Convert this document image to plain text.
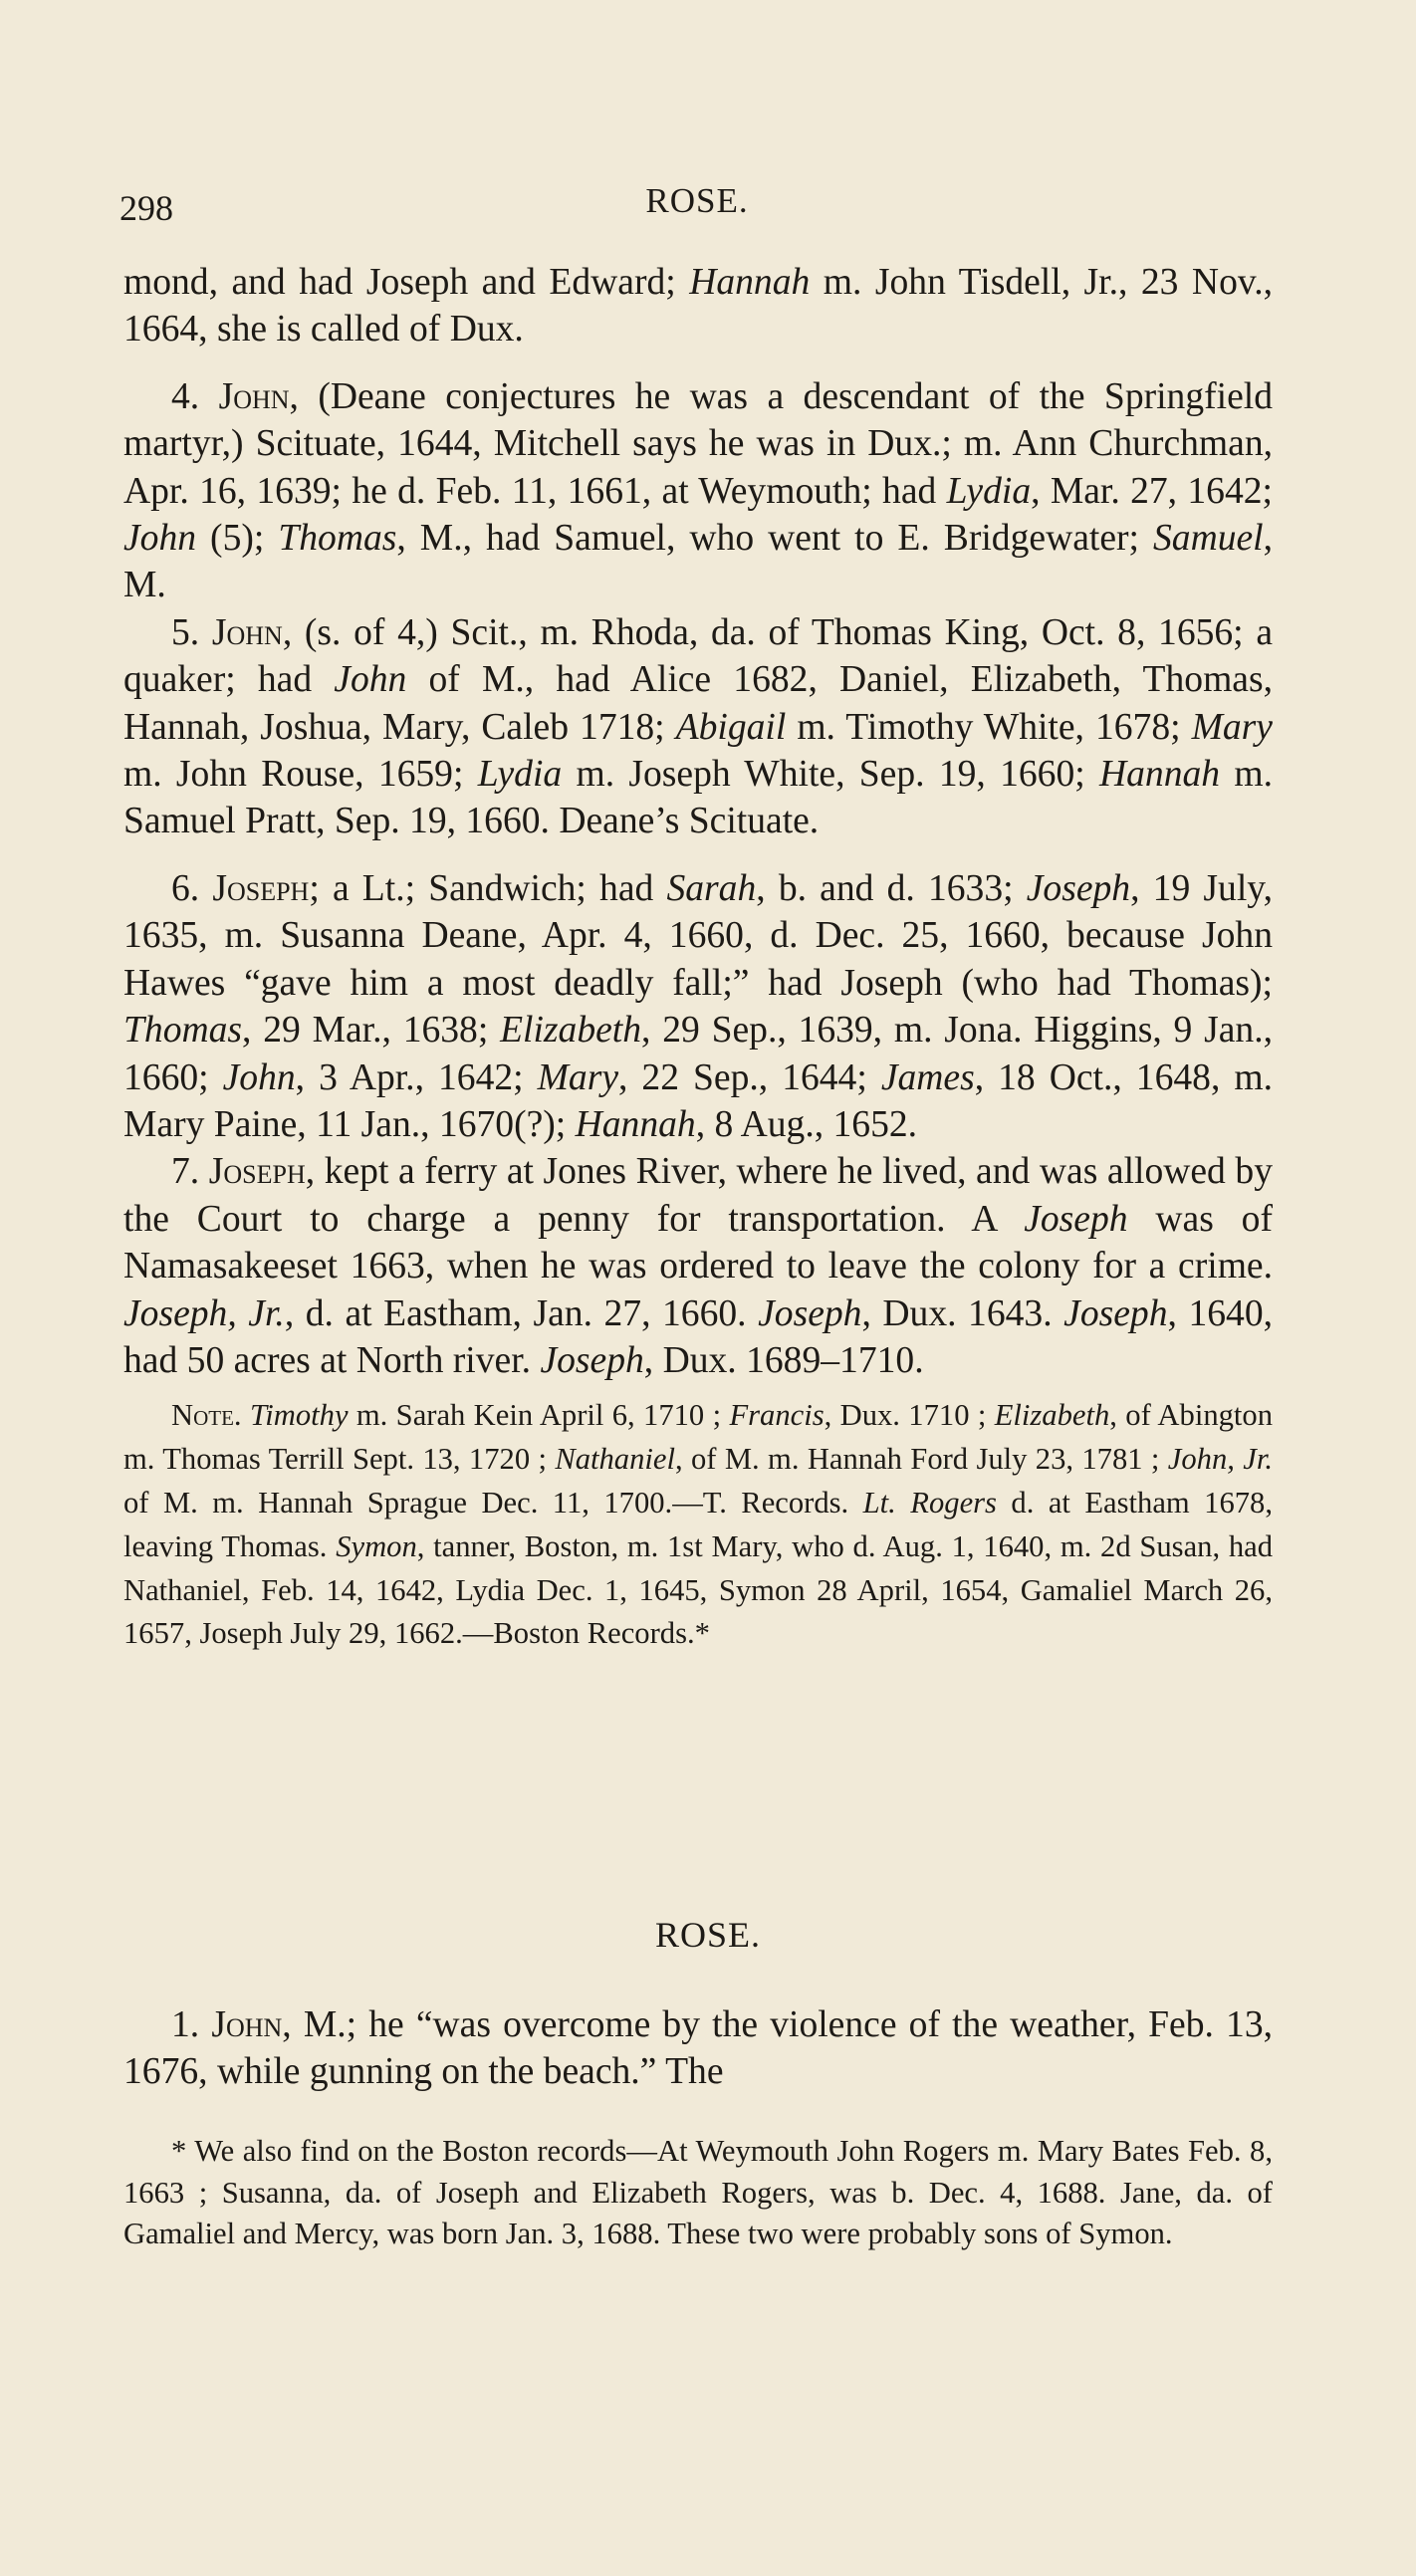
298	ROSE.

mond, and had Joseph and Edward; Hannah m. John Tisdell, Jr., 23 Nov., 1664, she is called of Dux.

4. John, (Deane conjectures he was a descendant of the Springfield martyr,) Scituate, 1644, Mitchell says he was in Dux.; m. Ann Churchman, Apr. 16, 1639; he d. Feb. 11, 1661, at Weymouth; had Lydia, Mar. 27, 1642; John (5); Thomas, M., had Samuel, who went to E. Bridgewater; Samuel, M.

5. John, (s. of 4,) Scit., m. Rhoda, da. of Thomas King, Oct. 8, 1656; a quaker; had John of M., had Alice 1682, Daniel, Elizabeth, Thomas, Hannah, Joshua, Mary, Caleb 1718; Abigail m. Timothy White, 1678; Mary m. John Rouse, 1659; Lydia m. Joseph White, Sep. 19, 1660; Hannah m. Samuel Pratt, Sep. 19, 1660. Deane’s Scituate.

6. Joseph; a Lt.; Sandwich; had Sarah, b. and d. 1633; Joseph, 19 July, 1635, m. Susanna Deane, Apr. 4, 1660, d. Dec. 25, 1660, because John Hawes “gave him a most deadly fall;” had Joseph (who had Thomas); Thomas, 29 Mar., 1638; Elizabeth, 29 Sep., 1639, m. Jona. Higgins, 9 Jan., 1660; John, 3 Apr., 1642; Mary, 22 Sep., 1644; James, 18 Oct., 1648, m. Mary Paine, 11 Jan., 1670(?); Hannah, 8 Aug., 1652.

7. Joseph, kept a ferry at Jones River, where he lived, and was allowed by the Court to charge a penny for transportation. A Joseph was of Namasakeeset 1663, when he was ordered to leave the colony for a crime. Joseph, Jr., d. at Eastham, Jan. 27, 1660. Joseph, Dux. 1643. Joseph, 1640, had 50 acres at North river. Joseph, Dux. 1689–1710.

Note. Timothy m. Sarah Kein April 6, 1710 ; Francis, Dux. 1710 ; Elizabeth, of Abington m. Thomas Terrill Sept. 13, 1720 ; Nathaniel, of M. m. Hannah Ford July 23, 1781 ; John, Jr. of M. m. Hannah Sprague Dec. 11, 1700.—T. Records. Lt. Rogers d. at Eastham 1678, leaving Thomas. Symon, tanner, Boston, m. 1st Mary, who d. Aug. 1, 1640, m. 2d Susan, had Nathaniel, Feb. 14, 1642, Lydia Dec. 1, 1645, Symon 28 April, 1654, Gamaliel March 26, 1657, Joseph July 29, 1662.—Boston Records.*

ROSE.

1. John, M.; he “was overcome by the violence of the weather, Feb. 13, 1676, while gunning on the beach.” The

* We also find on the Boston records—At Weymouth John Rogers m. Mary Bates Feb. 8, 1663 ; Susanna, da. of Joseph and Elizabeth Rogers, was b. Dec. 4, 1688. Jane, da. of Gamaliel and Mercy, was born Jan. 3, 1688. These two were probably sons of Symon.
